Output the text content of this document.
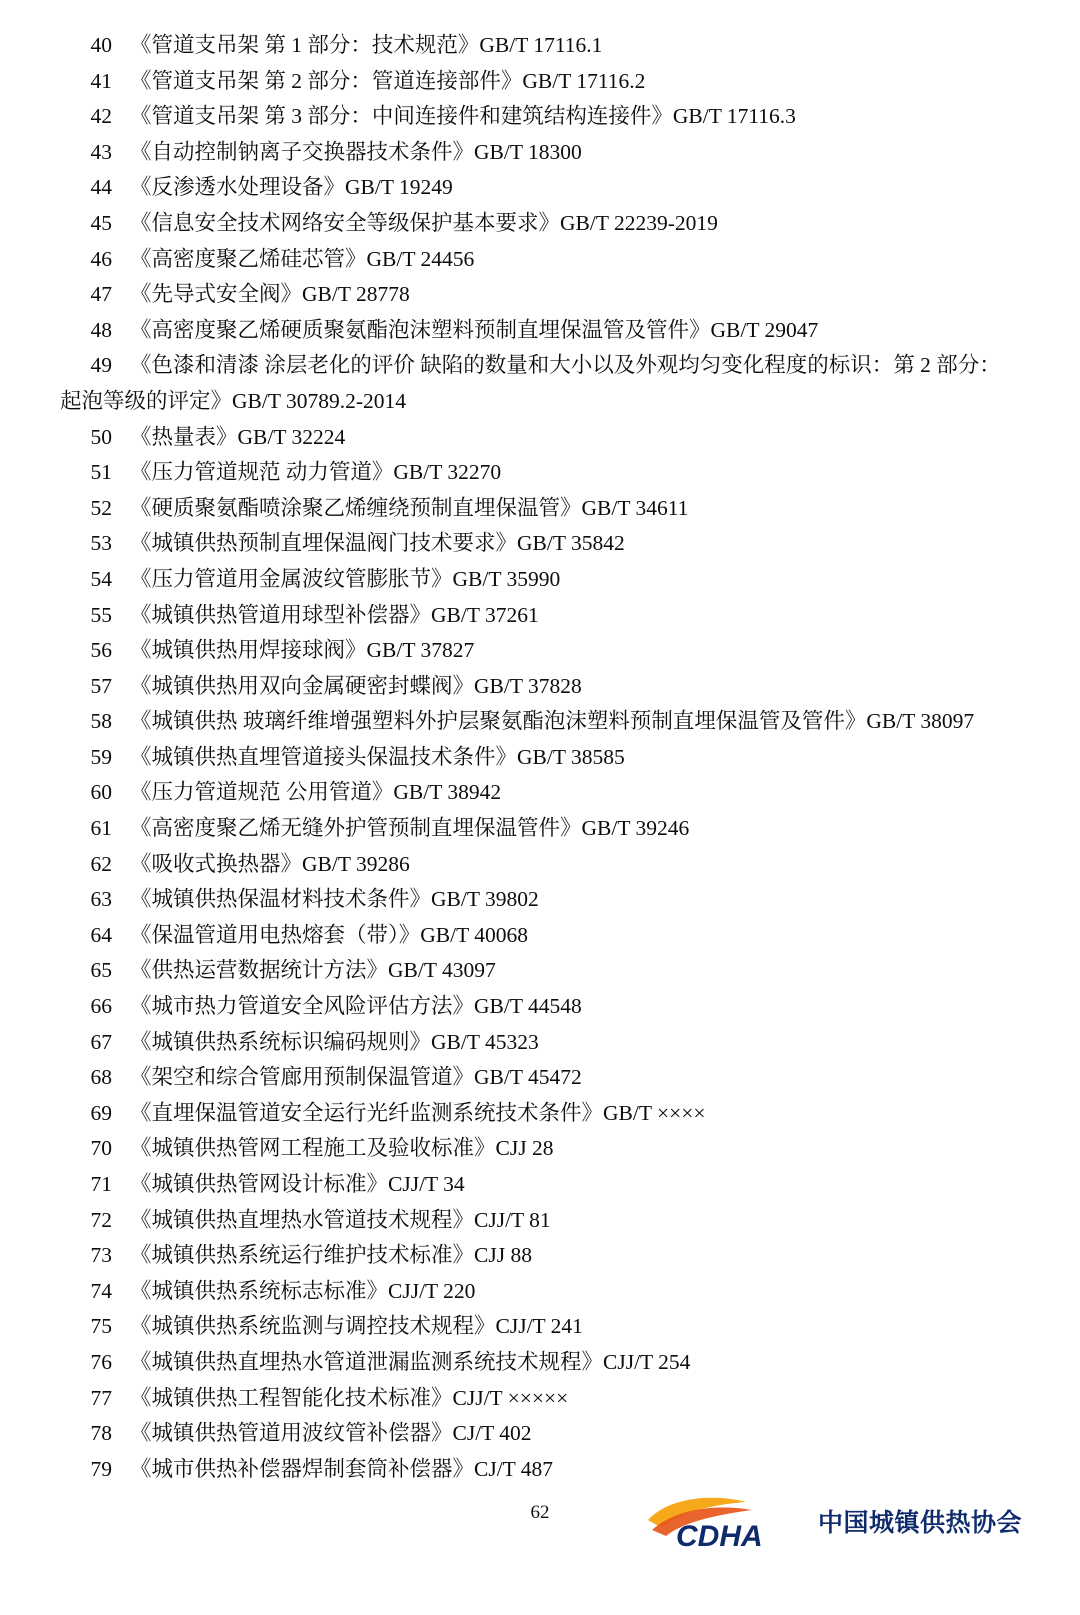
40 《管道支吊架 第 1 部分：技术规范》GB/T 17116.1

41 《管道支吊架 第 2 部分：管道连接部件》GB/T 17116.2

42 《管道支吊架 第 3 部分：中间连接件和建筑结构连接件》GB/T 17116.3

43 《自动控制钠离子交换器技术条件》GB/T 18300

44 《反渗透水处理设备》GB/T 19249

45 《信息安全技术网络安全等级保护基本要求》GB/T 22239-2019

46 《高密度聚乙烯硅芯管》GB/T 24456

47 《先导式安全阀》GB/T 28778

48 《高密度聚乙烯硬质聚氨酯泡沫塑料预制直埋保温管及管件》GB/T 29047

49 《色漆和清漆 涂层老化的评价 缺陷的数量和大小以及外观均匀变化程度的标识：第 2 部分：起泡等级的评定》GB/T 30789.2-2014

50 《热量表》GB/T 32224

51 《压力管道规范 动力管道》GB/T 32270

52 《硬质聚氨酯喷涂聚乙烯缠绕预制直埋保温管》GB/T 34611

53 《城镇供热预制直埋保温阀门技术要求》GB/T 35842

54 《压力管道用金属波纹管膨胀节》GB/T 35990

55 《城镇供热管道用球型补偿器》GB/T 37261

56 《城镇供热用焊接球阀》GB/T 37827

57 《城镇供热用双向金属硬密封蝶阀》GB/T 37828

58 《城镇供热 玻璃纤维增强塑料外护层聚氨酯泡沫塑料预制直埋保温管及管件》GB/T 38097

59 《城镇供热直埋管道接头保温技术条件》GB/T 38585

60 《压力管道规范 公用管道》GB/T 38942

61 《高密度聚乙烯无缝外护管预制直埋保温管件》GB/T 39246

62 《吸收式换热器》GB/T 39286

63 《城镇供热保温材料技术条件》GB/T 39802

64 《保温管道用电热熔套（带）》GB/T 40068

65 《供热运营数据统计方法》GB/T 43097

66 《城市热力管道安全风险评估方法》GB/T 44548

67 《城镇供热系统标识编码规则》GB/T 45323

68 《架空和综合管廊用预制保温管道》GB/T 45472

69 《直埋保温管道安全运行光纤监测系统技术条件》GB/T ××××

70 《城镇供热管网工程施工及验收标准》CJJ 28

71 《城镇供热管网设计标准》CJJ/T 34

72 《城镇供热直埋热水管道技术规程》CJJ/T 81

73 《城镇供热系统运行维护技术标准》CJJ 88

74 《城镇供热系统标志标准》CJJ/T 220

75 《城镇供热系统监测与调控技术规程》CJJ/T 241

76 《城镇供热直埋热水管道泄漏监测系统技术规程》CJJ/T 254

77 《城镇供热工程智能化技术标准》CJJ/T ×××××

78 《城镇供热管道用波纹管补偿器》CJ/T 402

79 《城市供热补偿器焊制套筒补偿器》CJ/T 487

62
CDHA 中国城镇供热协会
